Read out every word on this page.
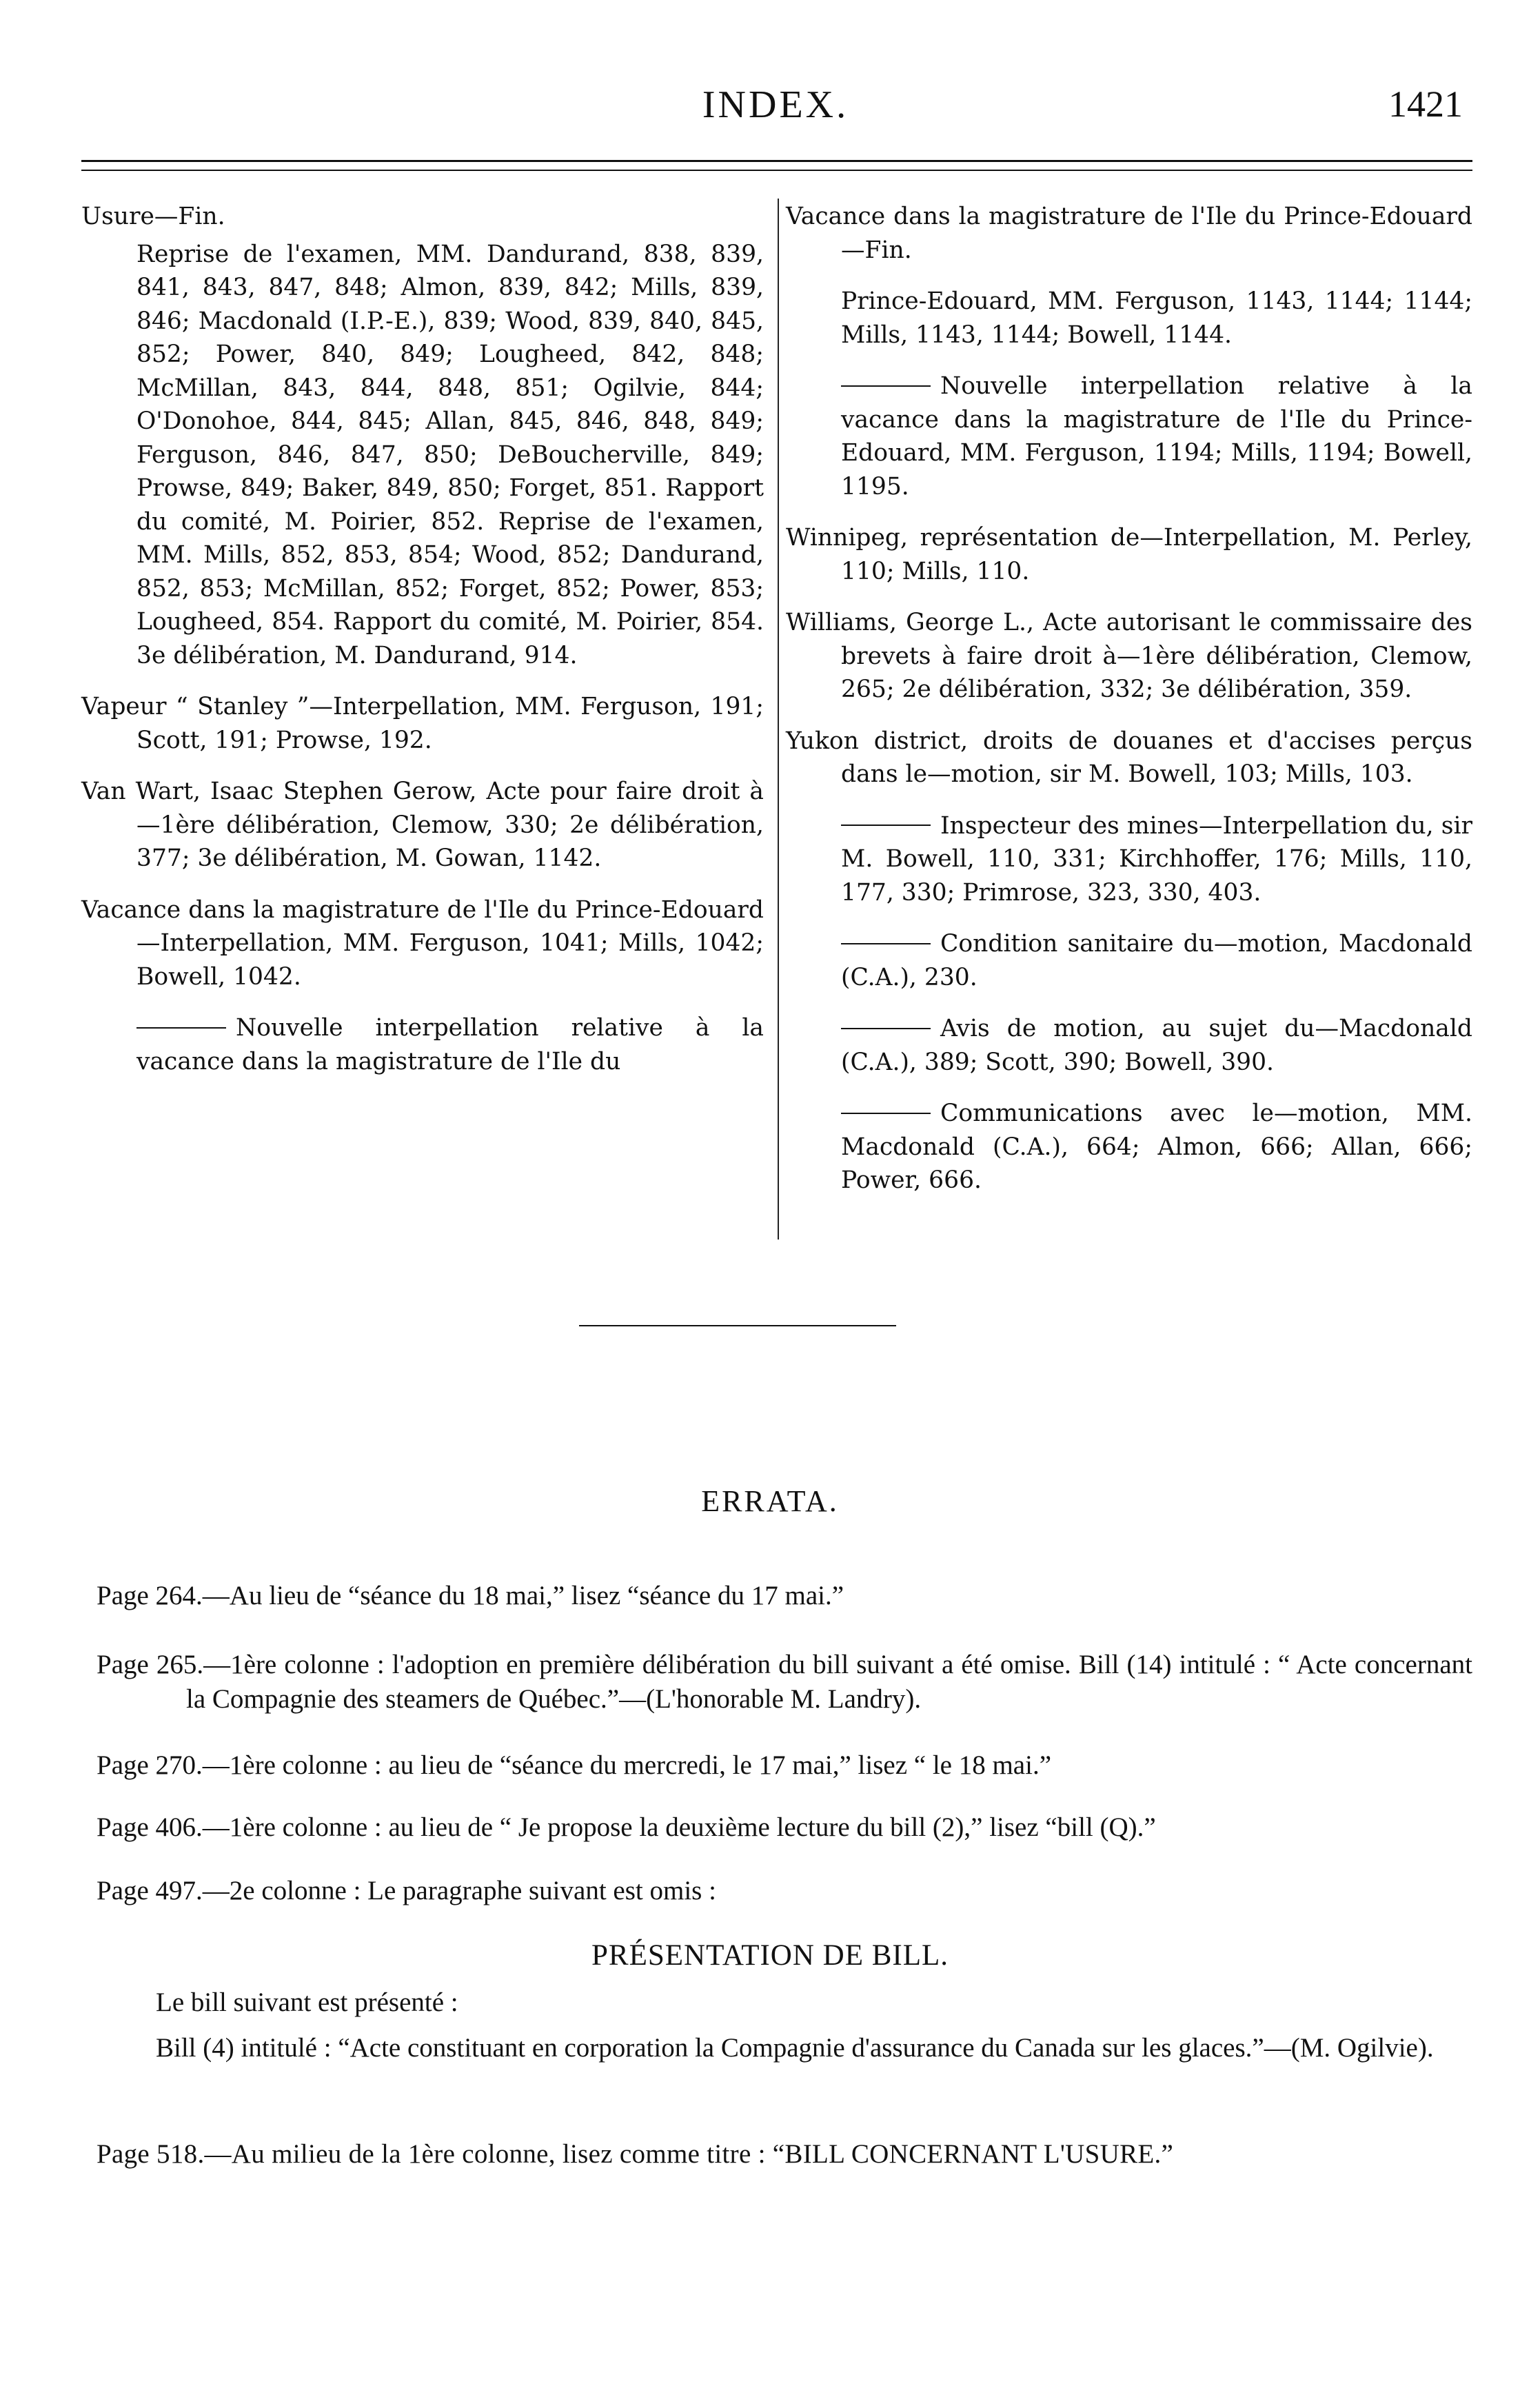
INDEX.	1421

Usure—Fin.

Reprise de l'examen, MM. Dandurand, 838, 839, 841, 843, 847, 848; Almon, 839, 842; Mills, 839, 846; Macdonald (I.P.-E.), 839; Wood, 839, 840, 845, 852; Power, 840, 849; Lougheed, 842, 848; McMillan, 843, 844, 848, 851; Ogilvie, 844; O'Donohoe, 844, 845; Allan, 845, 846, 848, 849; Ferguson, 846, 847, 850; DeBoucherville, 849; Prowse, 849; Baker, 849, 850; Forget, 851. Rapport du comité, M. Poirier, 852. Reprise de l'examen, MM. Mills, 852, 853, 854; Wood, 852; Dandurand, 852, 853; McMillan, 852; Forget, 852; Power, 853; Lougheed, 854. Rapport du comité, M. Poirier, 854. 3e délibération, M. Dandurand, 914.

Vapeur “ Stanley ”—Interpellation, MM. Ferguson, 191; Scott, 191; Prowse, 192.

Van Wart, Isaac Stephen Gerow, Acte pour faire droit à—1ère délibération, Clemow, 330; 2e délibération, 377; 3e délibération, M. Gowan, 1142.

Vacance dans la magistrature de l'Ile du Prince-Edouard—Interpellation, MM. Ferguson, 1041; Mills, 1042; Bowell, 1042.

Nouvelle interpellation relative à la vacance dans la magistrature de l'Ile du

Vacance dans la magistrature de l'Ile du Prince-Edouard—Fin.

Prince-Edouard, MM. Ferguson, 1143, 1144; 1144; Mills, 1143, 1144; Bowell, 1144.

Nouvelle interpellation relative à la vacance dans la magistrature de l'Ile du Prince-Edouard, MM. Ferguson, 1194; Mills, 1194; Bowell, 1195.

Winnipeg, représentation de—Interpellation, M. Perley, 110; Mills, 110.

Williams, George L., Acte autorisant le commissaire des brevets à faire droit à—1ère délibération, Clemow, 265; 2e délibération, 332; 3e délibération, 359.

Yukon district, droits de douanes et d'accises perçus dans le—motion, sir M. Bowell, 103; Mills, 103.

Inspecteur des mines—Interpellation du, sir M. Bowell, 110, 331; Kirchhoffer, 176; Mills, 110, 177, 330; Primrose, 323, 330, 403.

Condition sanitaire du—motion, Macdonald (C.A.), 230.

Avis de motion, au sujet du—Macdonald (C.A.), 389; Scott, 390; Bowell, 390.

Communications avec le—motion, MM. Macdonald (C.A.), 664; Almon, 666; Allan, 666; Power, 666.

ERRATA.

Page 264.—Au lieu de “séance du 18 mai,” lisez “séance du 17 mai.”

Page 265.—1ère colonne : l'adoption en première délibération du bill suivant a été omise. Bill (14) intitulé : “ Acte concernant la Compagnie des steamers de Québec.”—(L'honorable M. Landry).

Page 270.—1ère colonne : au lieu de “séance du mercredi, le 17 mai,” lisez “ le 18 mai.”

Page 406.—1ère colonne : au lieu de “ Je propose la deuxième lecture du bill (2),” lisez “bill (Q).”

Page 497.—2e colonne : Le paragraphe suivant est omis :

PRÉSENTATION DE BILL.

Le bill suivant est présenté :

Bill (4) intitulé : “Acte constituant en corporation la Compagnie d'assurance du Canada sur les glaces.”—(M. Ogilvie).

Page 518.—Au milieu de la 1ère colonne, lisez comme titre : “BILL CONCERNANT L'USURE.”
